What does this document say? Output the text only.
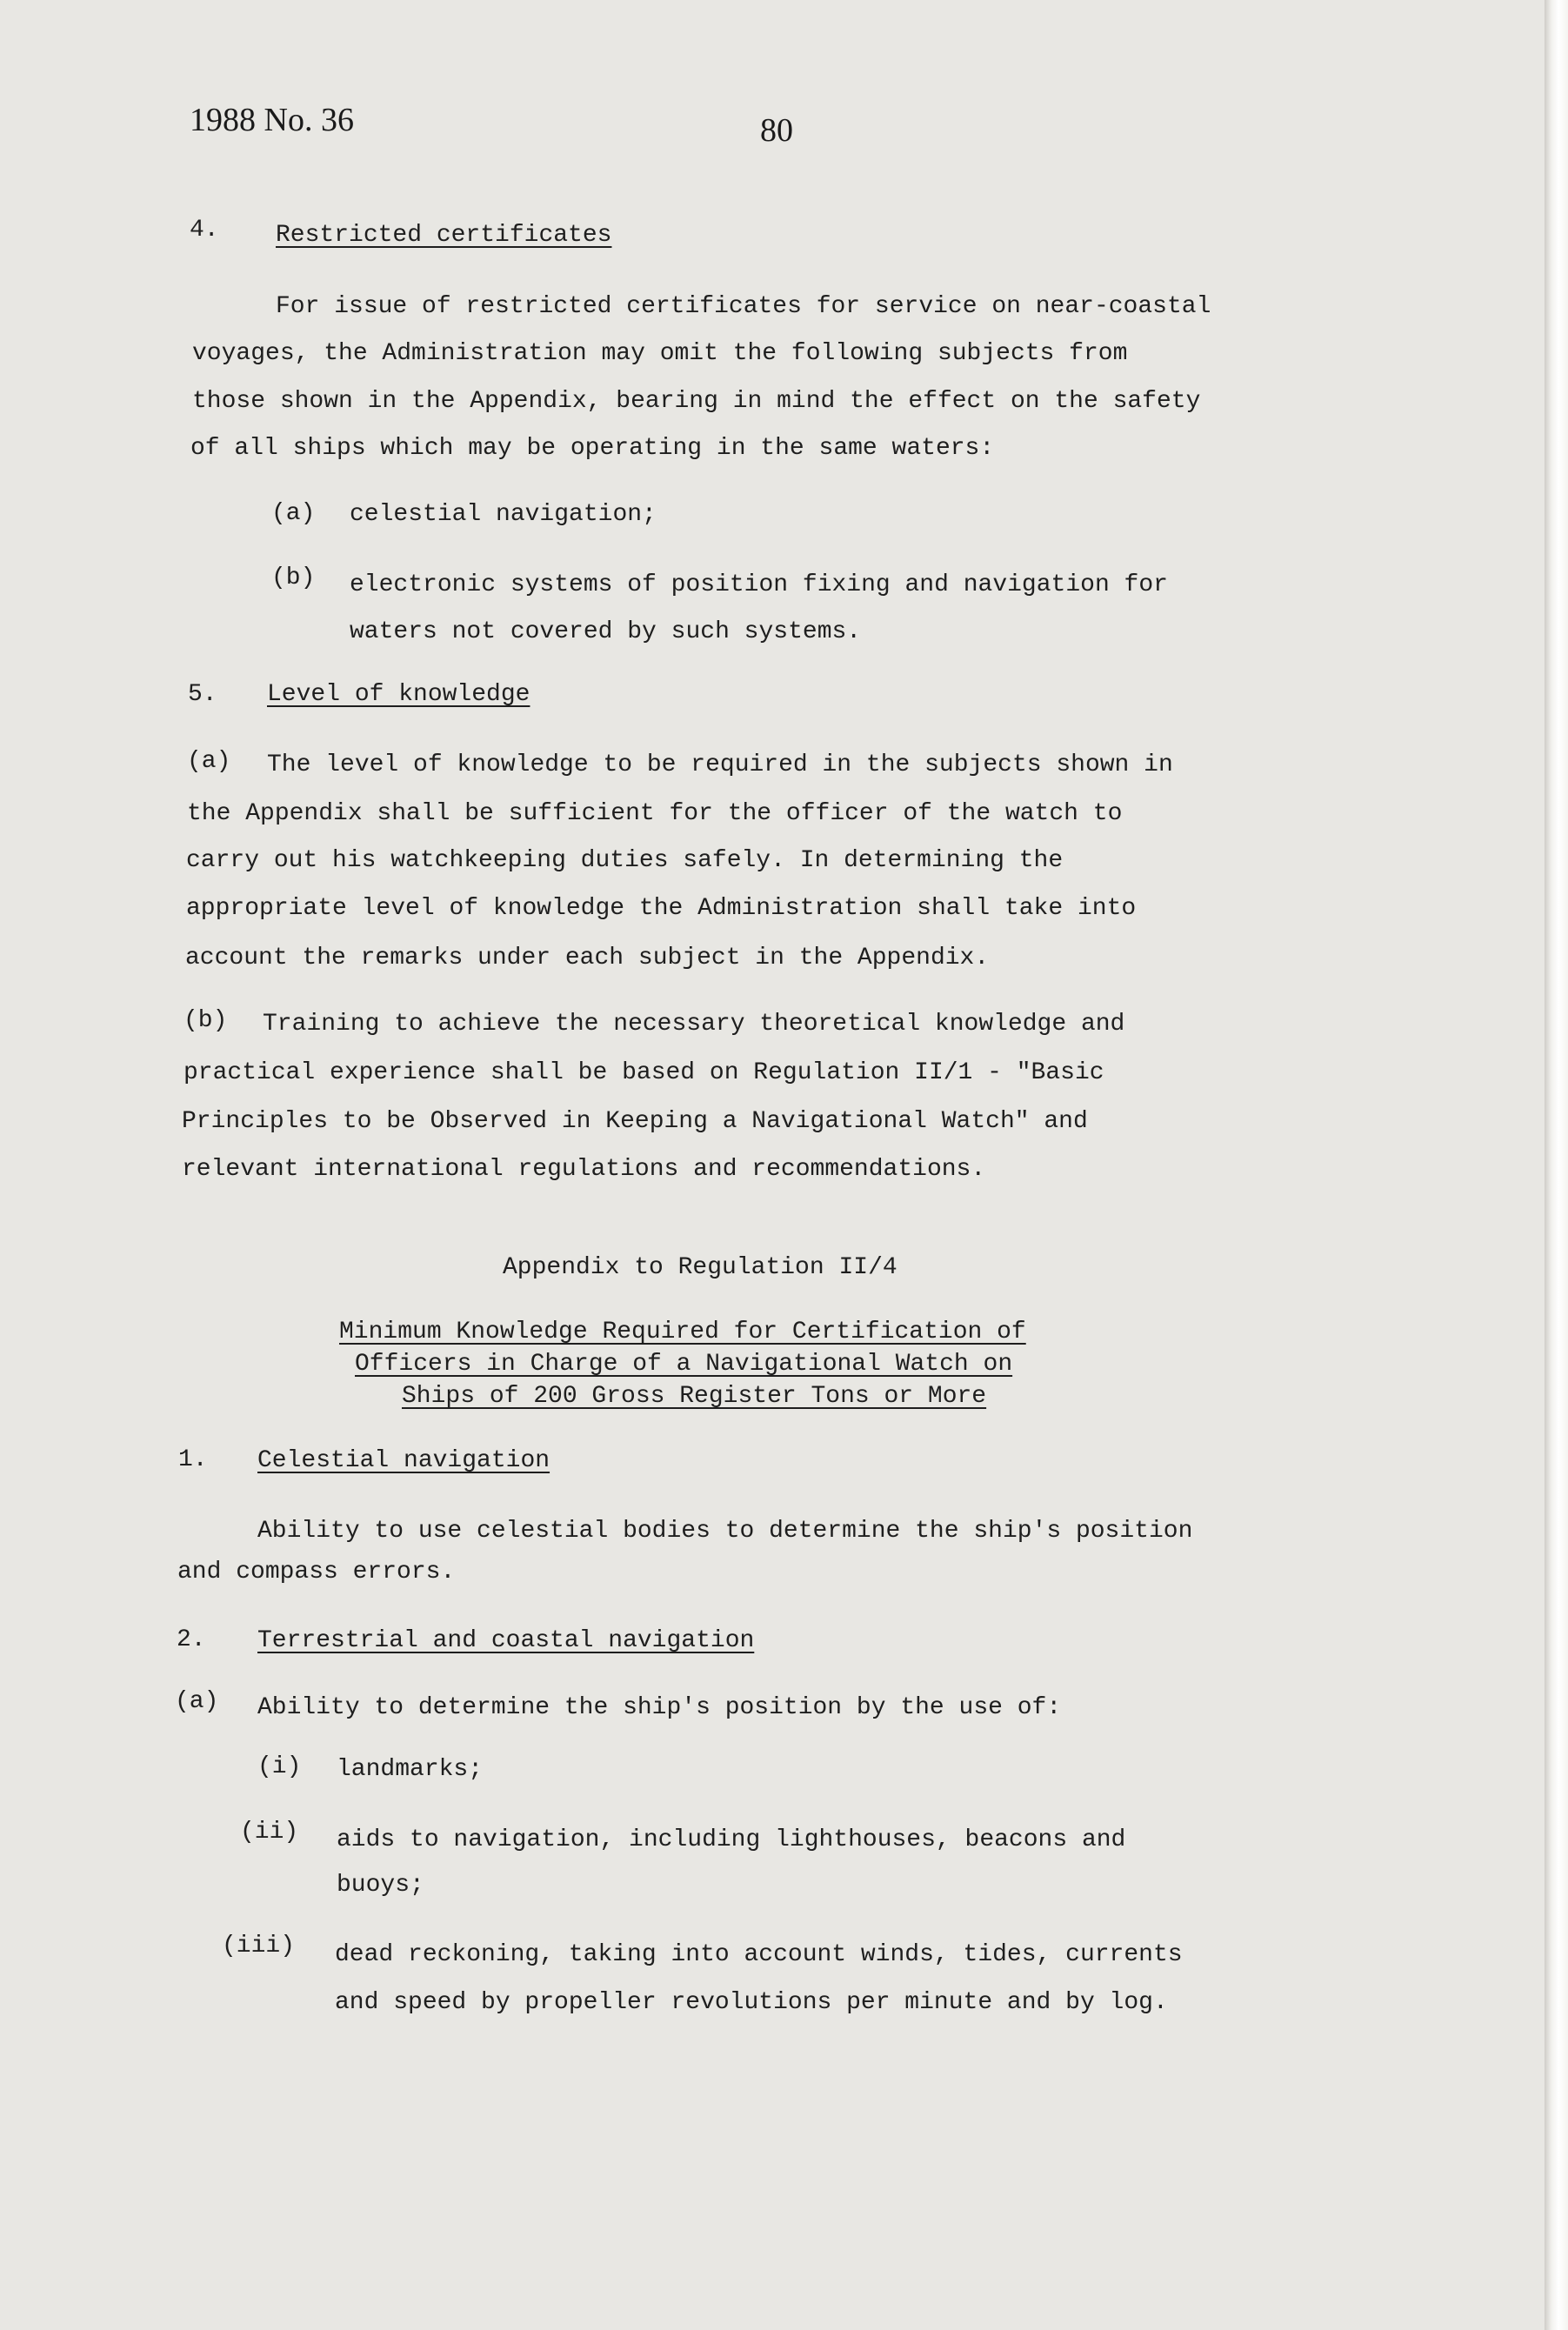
1988 No. 36	80
4. Restricted certificates
For issue of restricted certificates for service on near-coastal
voyages, the Administration may omit the following subjects from
those shown in the Appendix, bearing in mind the effect on the safety
of all ships which may be operating in the same waters:
(a) celestial navigation;
(b) electronic systems of position fixing and navigation for
waters not covered by such systems.
5. Level of knowledge
(a) The level of knowledge to be required in the subjects shown in
the Appendix shall be sufficient for the officer of the watch to
carry out his watchkeeping duties safely. In determining the
appropriate level of knowledge the Administration shall take into
account the remarks under each subject in the Appendix.
(b) Training to achieve the necessary theoretical knowledge and
practical experience shall be based on Regulation II/1 - "Basic
Principles to be Observed in Keeping a Navigational Watch" and
relevant international regulations and recommendations.
Appendix to Regulation II/4
Minimum Knowledge Required for Certification of
Officers in Charge of a Navigational Watch on
Ships of 200 Gross Register Tons or More
1. Celestial navigation
Ability to use celestial bodies to determine the ship's position
and compass errors.
2. Terrestrial and coastal navigation
(a) Ability to determine the ship's position by the use of:
(i) landmarks;
(ii) aids to navigation, including lighthouses, beacons and
buoys;
(iii) dead reckoning, taking into account winds, tides, currents
and speed by propeller revolutions per minute and by log.
